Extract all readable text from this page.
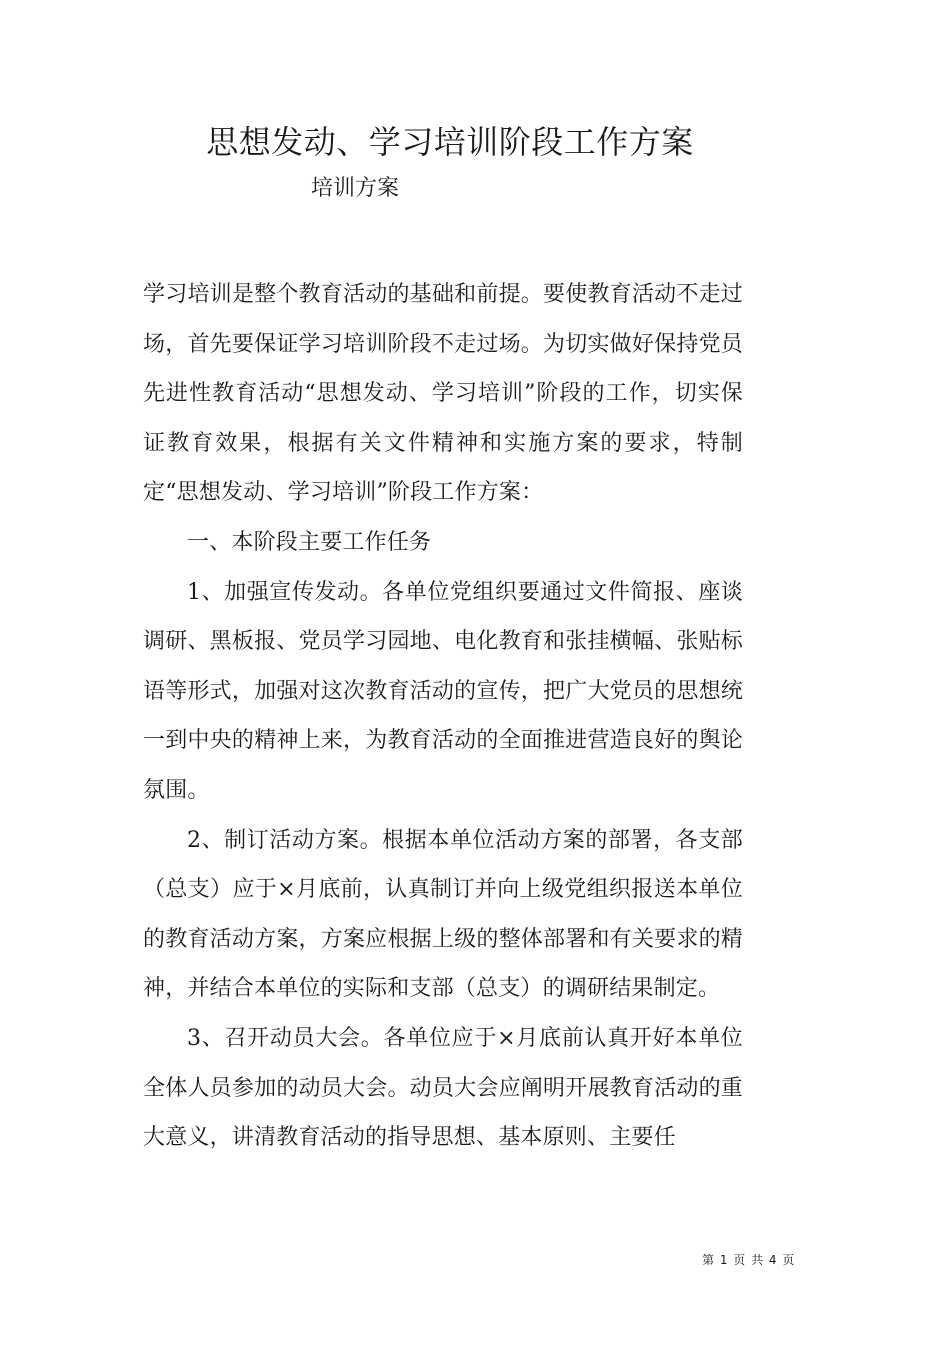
思想发动、学习培训阶段工作方案
培训方案

学习培训是整个教育活动的基础和前提。要使教育活动不走过场，首先要保证学习培训阶段不走过场。为切实做好保持党员先进性教育活动“思想发动、学习培训”阶段的工作，切实保证教育效果，根据有关文件精神和实施方案的要求，特制定“思想发动、学习培训”阶段工作方案：

一、本阶段主要工作任务

1、加强宣传发动。各单位党组织要通过文件简报、座谈调研、黑板报、党员学习园地、电化教育和张挂横幅、张贴标语等形式，加强对这次教育活动的宣传，把广大党员的思想统一到中央的精神上来，为教育活动的全面推进营造良好的舆论氛围。

2、制订活动方案。根据本单位活动方案的部署，各支部（总支）应于×月底前，认真制订并向上级党组织报送本单位的教育活动方案，方案应根据上级的整体部署和有关要求的精神，并结合本单位的实际和支部（总支）的调研结果制定。

3、召开动员大会。各单位应于×月底前认真开好本单位全体人员参加的动员大会。动员大会应阐明开展教育活动的重大意义，讲清教育活动的指导思想、基本原则、主要任

第 1 页 共 4 页
